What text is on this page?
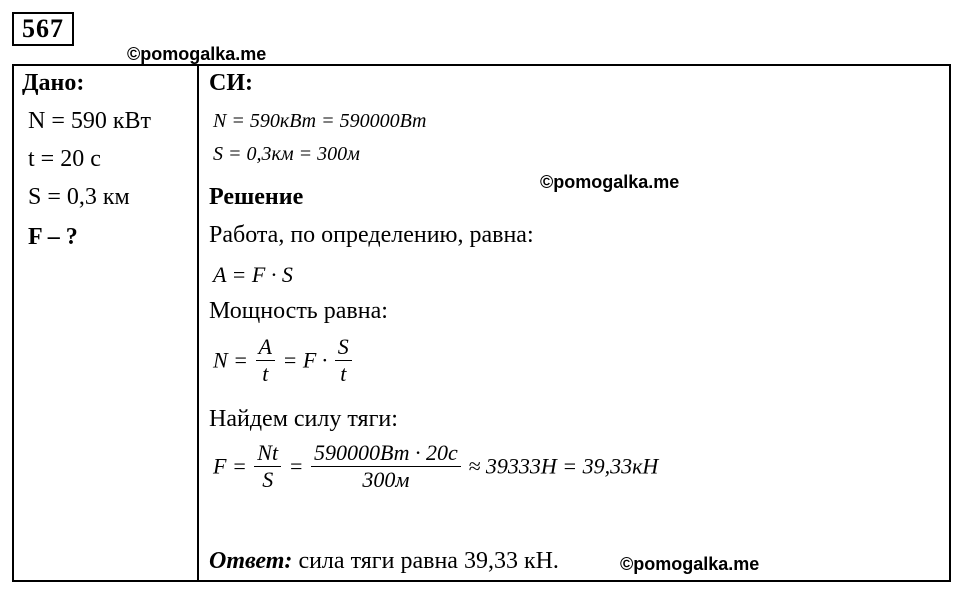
567
©pomogalka.me
Дано:
N = 590 кВт
t = 20 с
S = 0,3 км
F – ?
СИ:
N = 590кВт = 590000Вт
S = 0,3км = 300м
©pomogalka.me
Решение
Работа, по определению, равна:
A = F · S
Мощность равна:
$N = \frac{A}{t} = F \cdot \frac{S}{t}$
Найдем силу тяги:
$F = \frac{Nt}{S} = \frac{590000Вт \cdot 20с}{300м} \approx 39333Н = 39,33кН$
Ответ: сила тяги равна 39,33 кН.	©pomogalka.me
